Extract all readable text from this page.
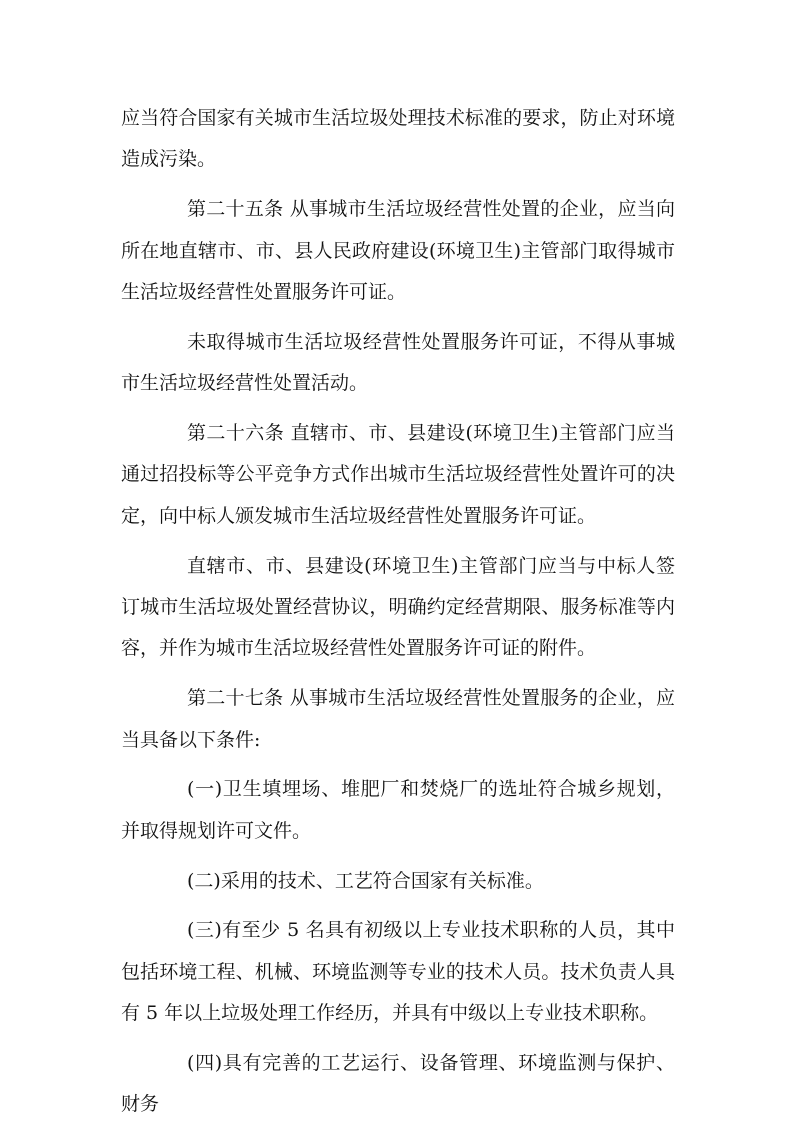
应当符合国家有关城市生活垃圾处理技术标准的要求，防止对环境造成污染。

第二十五条 从事城市生活垃圾经营性处置的企业，应当向所在地直辖市、市、县人民政府建设(环境卫生)主管部门取得城市生活垃圾经营性处置服务许可证。

未取得城市生活垃圾经营性处置服务许可证，不得从事城市生活垃圾经营性处置活动。

第二十六条 直辖市、市、县建设(环境卫生)主管部门应当通过招投标等公平竞争方式作出城市生活垃圾经营性处置许可的决定，向中标人颁发城市生活垃圾经营性处置服务许可证。

直辖市、市、县建设(环境卫生)主管部门应当与中标人签订城市生活垃圾处置经营协议，明确约定经营期限、服务标准等内容，并作为城市生活垃圾经营性处置服务许可证的附件。

第二十七条 从事城市生活垃圾经营性处置服务的企业，应当具备以下条件:

(一)卫生填埋场、堆肥厂和焚烧厂的选址符合城乡规划，并取得规划许可文件。

(二)采用的技术、工艺符合国家有关标准。

(三)有至少 5 名具有初级以上专业技术职称的人员，其中包括环境工程、机械、环境监测等专业的技术人员。技术负责人具有 5 年以上垃圾处理工作经历，并具有中级以上专业技术职称。

(四)具有完善的工艺运行、设备管理、环境监测与保护、财务
